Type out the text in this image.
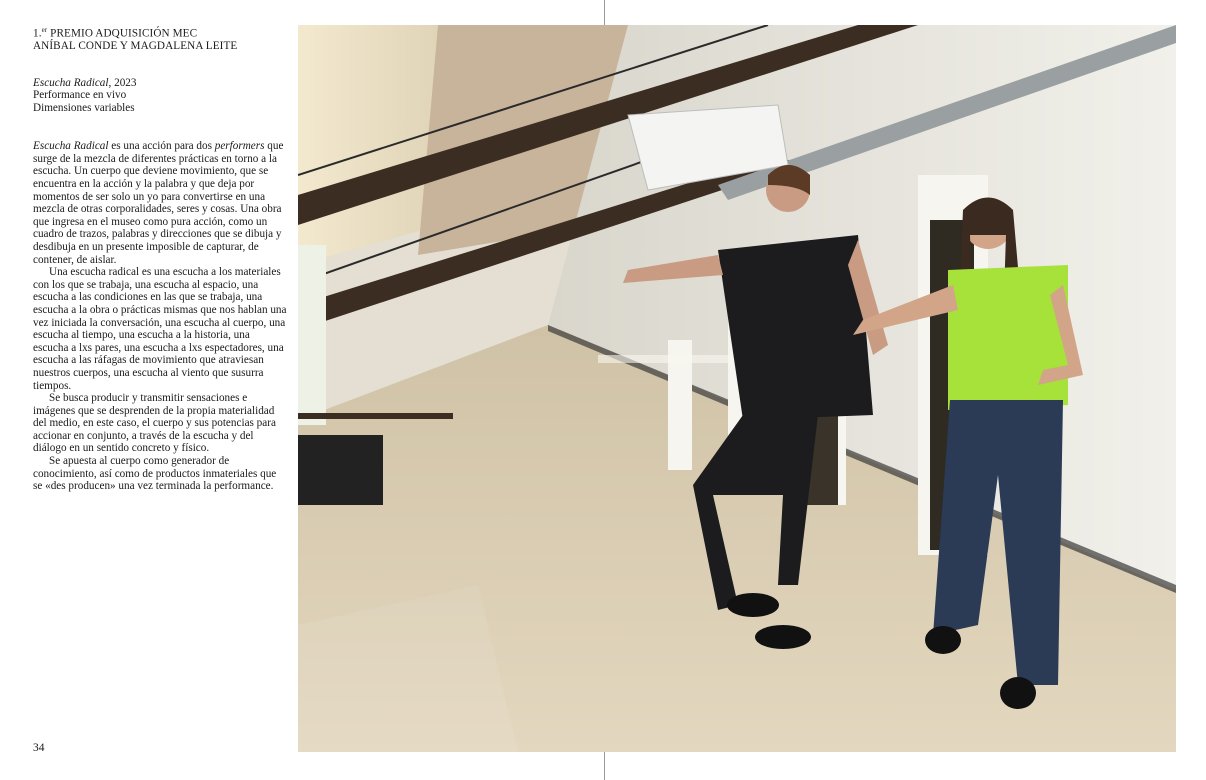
1.$^{er}$ PREMIO ADQUISICIÓN MEC
ANÍBAL CONDE Y MAGDALENA LEITE
Escucha Radical, 2023
Performance en vivo
Dimensiones variables

Escucha Radical es una acción para dos performers que surge de la mezcla de diferentes prácticas en torno a la escucha. Un cuerpo que deviene movimiento, que se encuentra en la acción y la palabra y que deja por momentos de ser solo un yo para convertirse en una mezcla de otras corporalidades, seres y cosas. Una obra que ingresa en el museo como pura acción, como un cuadro de trazos, palabras y direcciones que se dibuja y desdibuja en un presente imposible de capturar, de contener, de aislar.

Una escucha radical es una escucha a los materiales con los que se trabaja, una escucha al espacio, una escucha a las condiciones en las que se trabaja, una escucha a la obra o prácticas mismas que nos hablan una vez iniciada la conversación, una escucha al cuerpo, una escucha al tiempo, una escucha a la historia, una escucha a lxs pares, una escucha a lxs espectadores, una escucha a las ráfagas de movimiento que atraviesan nuestros cuerpos, una escucha al viento que susurra tiempos.

Se busca producir y transmitir sensaciones e imágenes que se desprenden de la propia materialidad del medio, en este caso, el cuerpo y sus potencias para accionar en conjunto, a través de la escucha y del diálogo en un sentido concreto y físico.

Se apuesta al cuerpo como generador de conocimiento, así como de productos inmateriales que se «des producen» una vez terminada la performance.

34
